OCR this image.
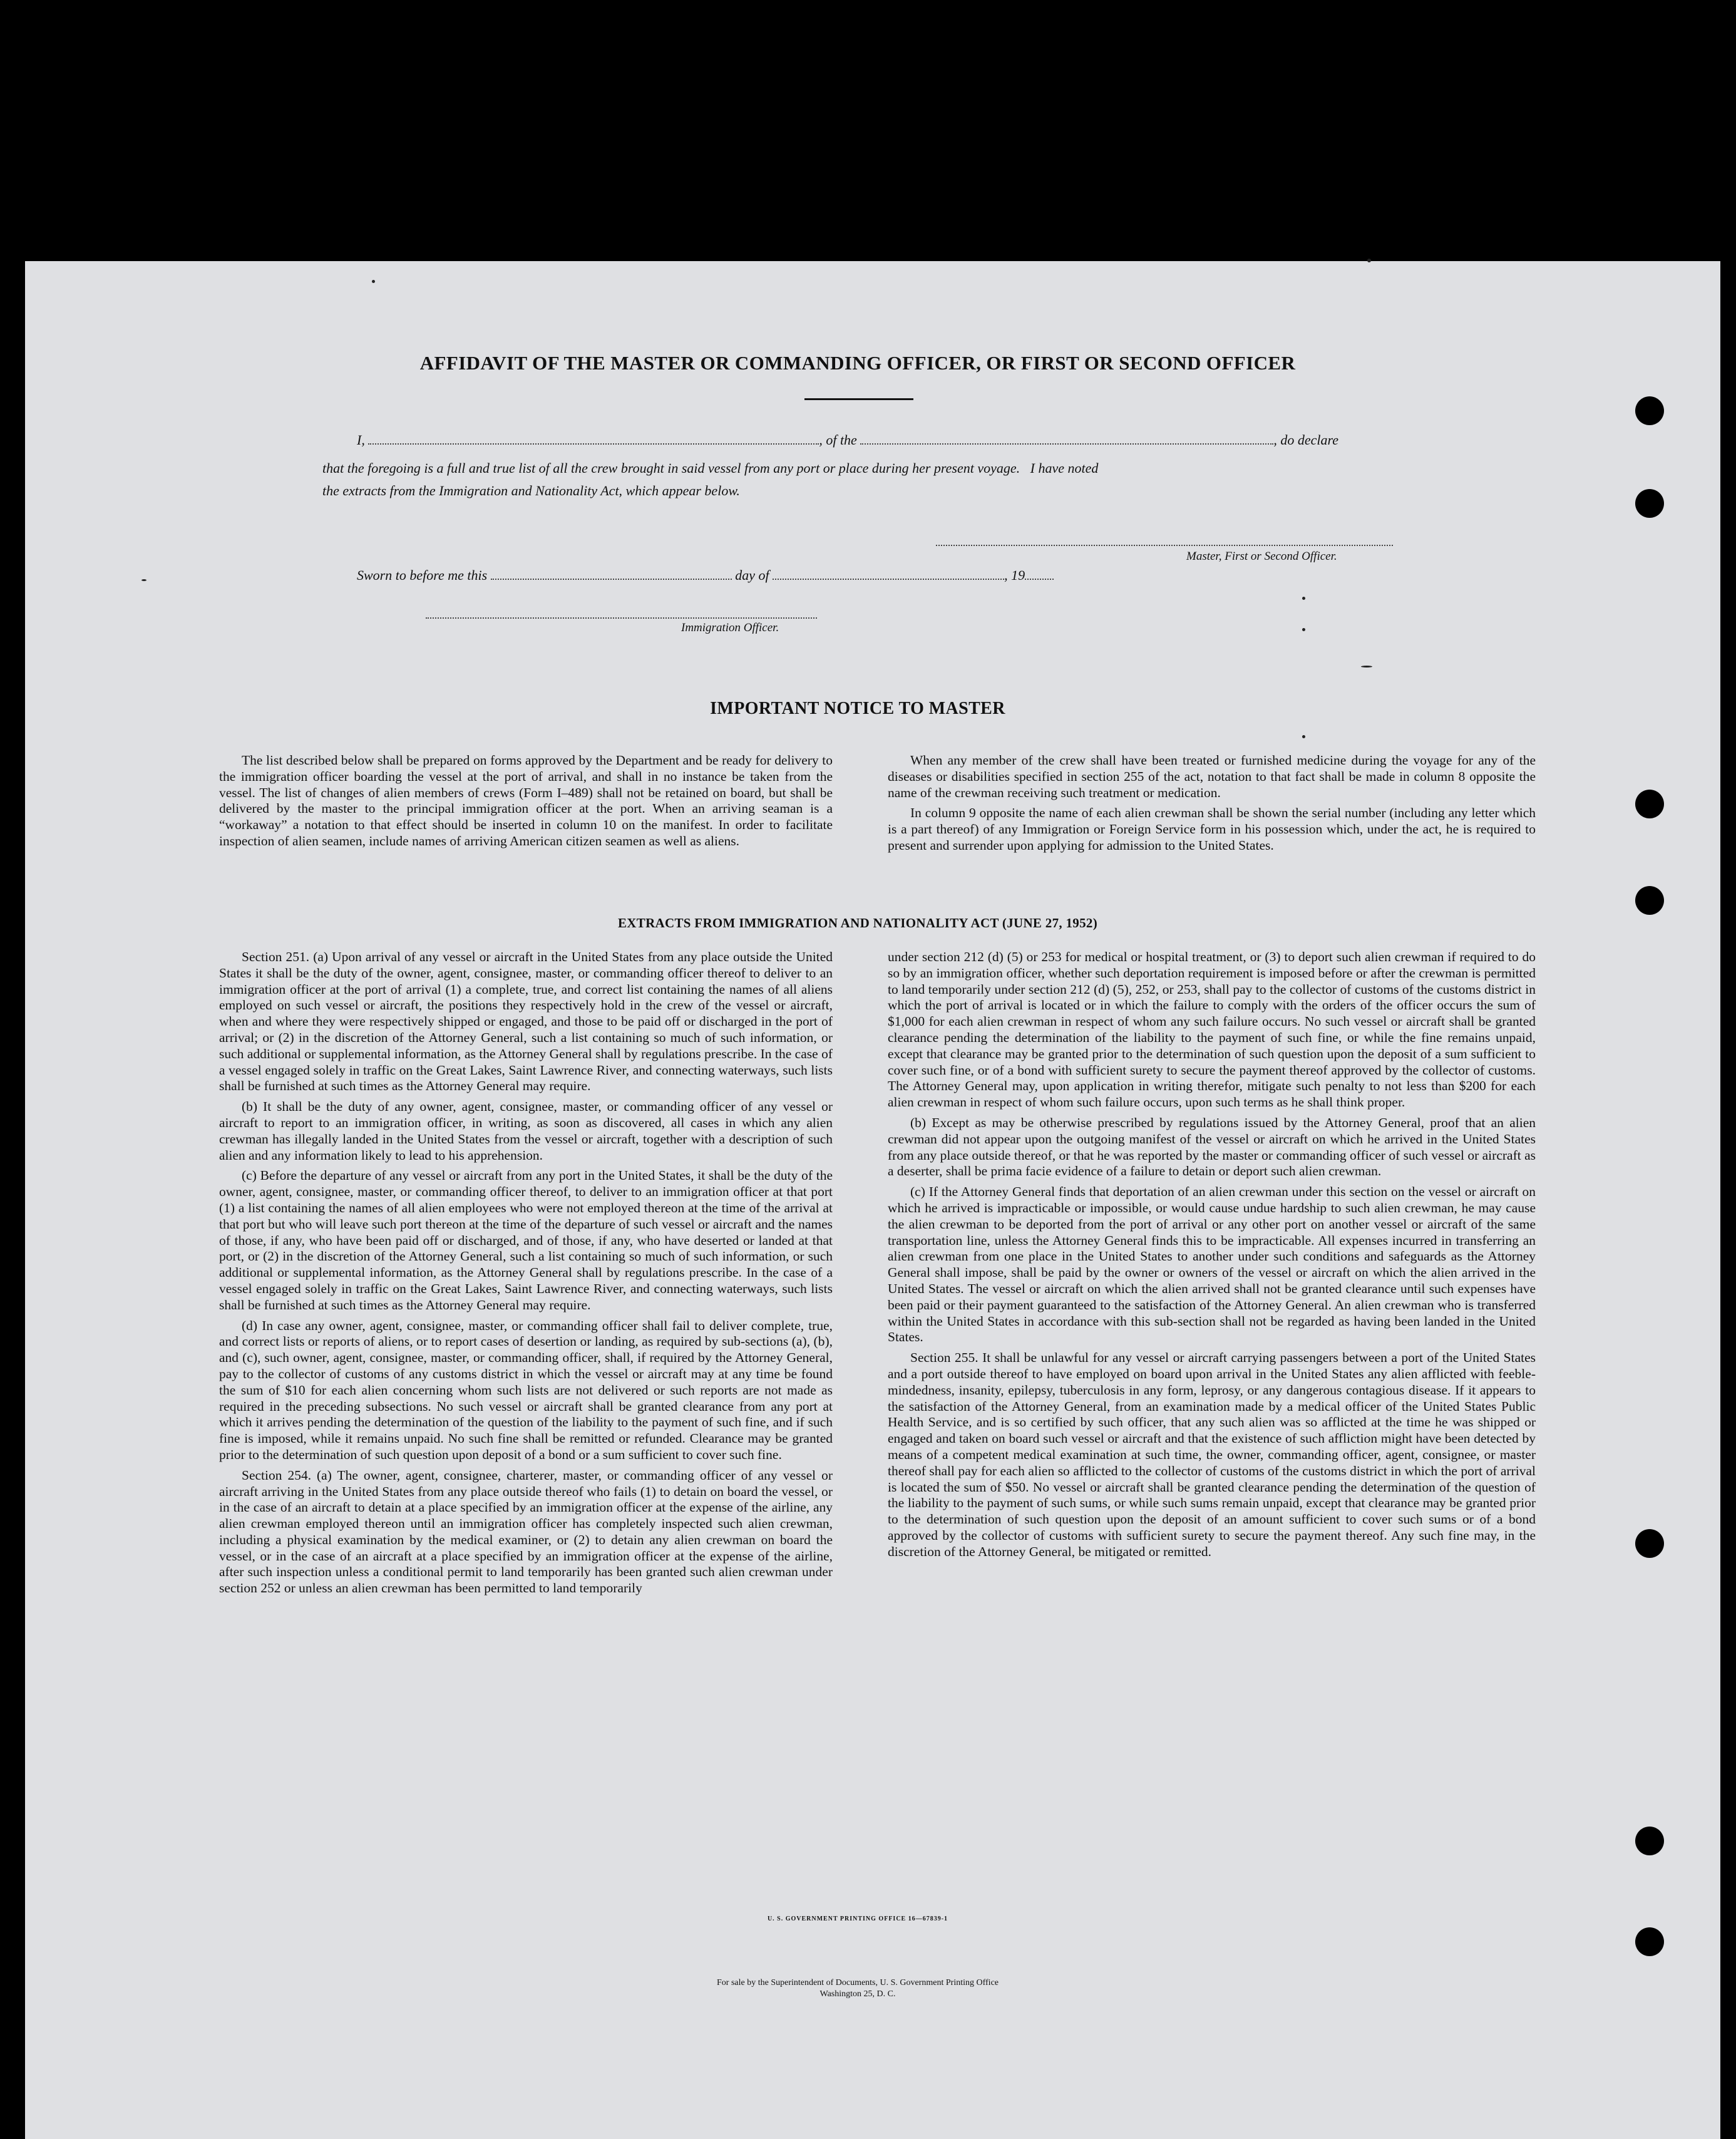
AFFIDAVIT OF THE MASTER OR COMMANDING OFFICER, OR FIRST OR SECOND OFFICER
I,	, of the	, do declare
that the foregoing is a full and true list of all the crew brought in said vessel from any port or place during her present voyage.   I have noted
the extracts from the Immigration and Nationality Act, which appear below.
Master, First or Second Officer.
Sworn to before me this	day of	, 19
Immigration Officer.
IMPORTANT NOTICE TO MASTER

The list described below shall be prepared on forms approved by the Department and be ready for delivery to the immigration officer boarding the vessel at the port of arrival, and shall in no instance be taken from the vessel. The list of changes of alien members of crews (Form I–489) shall not be retained on board, but shall be delivered by the master to the principal immigration officer at the port. When an arriving seaman is a “workaway” a notation to that effect should be inserted in column 10 on the manifest. In order to facilitate inspection of alien seamen, include names of arriving American citizen seamen as well as aliens.

When any member of the crew shall have been treated or furnished medicine during the voyage for any of the diseases or disabilities specified in section 255 of the act, notation to that fact shall be made in column 8 opposite the name of the crewman receiving such treatment or medication.

In column 9 opposite the name of each alien crewman shall be shown the serial number (including any letter which is a part thereof) of any Immigration or Foreign Service form in his possession which, under the act, he is required to present and surrender upon applying for admission to the United States.

EXTRACTS FROM IMMIGRATION AND NATIONALITY ACT (JUNE 27, 1952)

Section 251. (a) Upon arrival of any vessel or aircraft in the United States from any place outside the United States it shall be the duty of the owner, agent, consignee, master, or commanding officer thereof to deliver to an immigration officer at the port of arrival (1) a complete, true, and correct list containing the names of all aliens employed on such vessel or aircraft, the positions they respectively hold in the crew of the vessel or aircraft, when and where they were respectively shipped or engaged, and those to be paid off or discharged in the port of arrival; or (2) in the discretion of the Attorney General, such a list containing so much of such information, or such additional or supplemental information, as the Attorney General shall by regulations prescribe. In the case of a vessel engaged solely in traffic on the Great Lakes, Saint Lawrence River, and connecting waterways, such lists shall be furnished at such times as the Attorney General may require.

(b) It shall be the duty of any owner, agent, consignee, master, or commanding officer of any vessel or aircraft to report to an immigration officer, in writing, as soon as discovered, all cases in which any alien crewman has illegally landed in the United States from the vessel or aircraft, together with a description of such alien and any information likely to lead to his apprehension.

(c) Before the departure of any vessel or aircraft from any port in the United States, it shall be the duty of the owner, agent, consignee, master, or commanding officer thereof, to deliver to an immigration officer at that port (1) a list containing the names of all alien employees who were not employed thereon at the time of the arrival at that port but who will leave such port thereon at the time of the departure of such vessel or aircraft and the names of those, if any, who have been paid off or discharged, and of those, if any, who have deserted or landed at that port, or (2) in the discretion of the Attorney General, such a list containing so much of such information, or such additional or supplemental information, as the Attorney General shall by regulations prescribe. In the case of a vessel engaged solely in traffic on the Great Lakes, Saint Lawrence River, and connecting waterways, such lists shall be furnished at such times as the Attorney General may require.

(d) In case any owner, agent, consignee, master, or commanding officer shall fail to deliver complete, true, and correct lists or reports of aliens, or to report cases of desertion or landing, as required by sub-sections (a), (b), and (c), such owner, agent, consignee, master, or commanding officer, shall, if required by the Attorney General, pay to the collector of customs of any customs district in which the vessel or aircraft may at any time be found the sum of $10 for each alien concerning whom such lists are not delivered or such reports are not made as required in the preceding subsections. No such vessel or aircraft shall be granted clearance from any port at which it arrives pending the determination of the question of the liability to the payment of such fine, and if such fine is imposed, while it remains unpaid. No such fine shall be remitted or refunded. Clearance may be granted prior to the determination of such question upon deposit of a bond or a sum sufficient to cover such fine.

Section 254. (a) The owner, agent, consignee, charterer, master, or commanding officer of any vessel or aircraft arriving in the United States from any place outside thereof who fails (1) to detain on board the vessel, or in the case of an aircraft to detain at a place specified by an immigration officer at the expense of the airline, any alien crewman employed thereon until an immigration officer has completely inspected such alien crewman, including a physical examination by the medical examiner, or (2) to detain any alien crewman on board the vessel, or in the case of an aircraft at a place specified by an immigration officer at the expense of the airline, after such inspection unless a conditional permit to land temporarily has been granted such alien crewman under section 252 or unless an alien crewman has been permitted to land temporarily

under section 212 (d) (5) or 253 for medical or hospital treatment, or (3) to deport such alien crewman if required to do so by an immigration officer, whether such deportation requirement is imposed before or after the crewman is permitted to land temporarily under section 212 (d) (5), 252, or 253, shall pay to the collector of customs of the customs district in which the port of arrival is located or in which the failure to comply with the orders of the officer occurs the sum of $1,000 for each alien crewman in respect of whom any such failure occurs. No such vessel or aircraft shall be granted clearance pending the determination of the liability to the payment of such fine, or while the fine remains unpaid, except that clearance may be granted prior to the determination of such question upon the deposit of a sum sufficient to cover such fine, or of a bond with sufficient surety to secure the payment thereof approved by the collector of customs. The Attorney General may, upon application in writing therefor, mitigate such penalty to not less than $200 for each alien crewman in respect of whom such failure occurs, upon such terms as he shall think proper.

(b) Except as may be otherwise prescribed by regulations issued by the Attorney General, proof that an alien crewman did not appear upon the outgoing manifest of the vessel or aircraft on which he arrived in the United States from any place outside thereof, or that he was reported by the master or commanding officer of such vessel or aircraft as a deserter, shall be prima facie evidence of a failure to detain or deport such alien crewman.

(c) If the Attorney General finds that deportation of an alien crewman under this section on the vessel or aircraft on which he arrived is impracticable or impossible, or would cause undue hardship to such alien crewman, he may cause the alien crewman to be deported from the port of arrival or any other port on another vessel or aircraft of the same transportation line, unless the Attorney General finds this to be impracticable. All expenses incurred in transferring an alien crewman from one place in the United States to another under such conditions and safeguards as the Attorney General shall impose, shall be paid by the owner or owners of the vessel or aircraft on which the alien arrived in the United States. The vessel or aircraft on which the alien arrived shall not be granted clearance until such expenses have been paid or their payment guaranteed to the satisfaction of the Attorney General. An alien crewman who is transferred within the United States in accordance with this sub-section shall not be regarded as having been landed in the United States.

Section 255. It shall be unlawful for any vessel or aircraft carrying passengers between a port of the United States and a port outside thereof to have employed on board upon arrival in the United States any alien afflicted with feeble-mindedness, insanity, epilepsy, tuberculosis in any form, leprosy, or any dangerous contagious disease. If it appears to the satisfaction of the Attorney General, from an examination made by a medical officer of the United States Public Health Service, and is so certified by such officer, that any such alien was so afflicted at the time he was shipped or engaged and taken on board such vessel or aircraft and that the existence of such affliction might have been detected by means of a competent medical examination at such time, the owner, commanding officer, agent, consignee, or master thereof shall pay for each alien so afflicted to the collector of customs of the customs district in which the port of arrival is located the sum of $50. No vessel or aircraft shall be granted clearance pending the determination of the question of the liability to the payment of such sums, or while such sums remain unpaid, except that clearance may be granted prior to the determination of such question upon the deposit of an amount sufficient to cover such sums or of a bond approved by the collector of customs with sufficient surety to secure the payment thereof. Any such fine may, in the discretion of the Attorney General, be mitigated or remitted.

U. S. GOVERNMENT PRINTING OFFICE 16—67839-1
For sale by the Superintendent of Documents, U. S. Government Printing Office
Washington 25, D. C.
